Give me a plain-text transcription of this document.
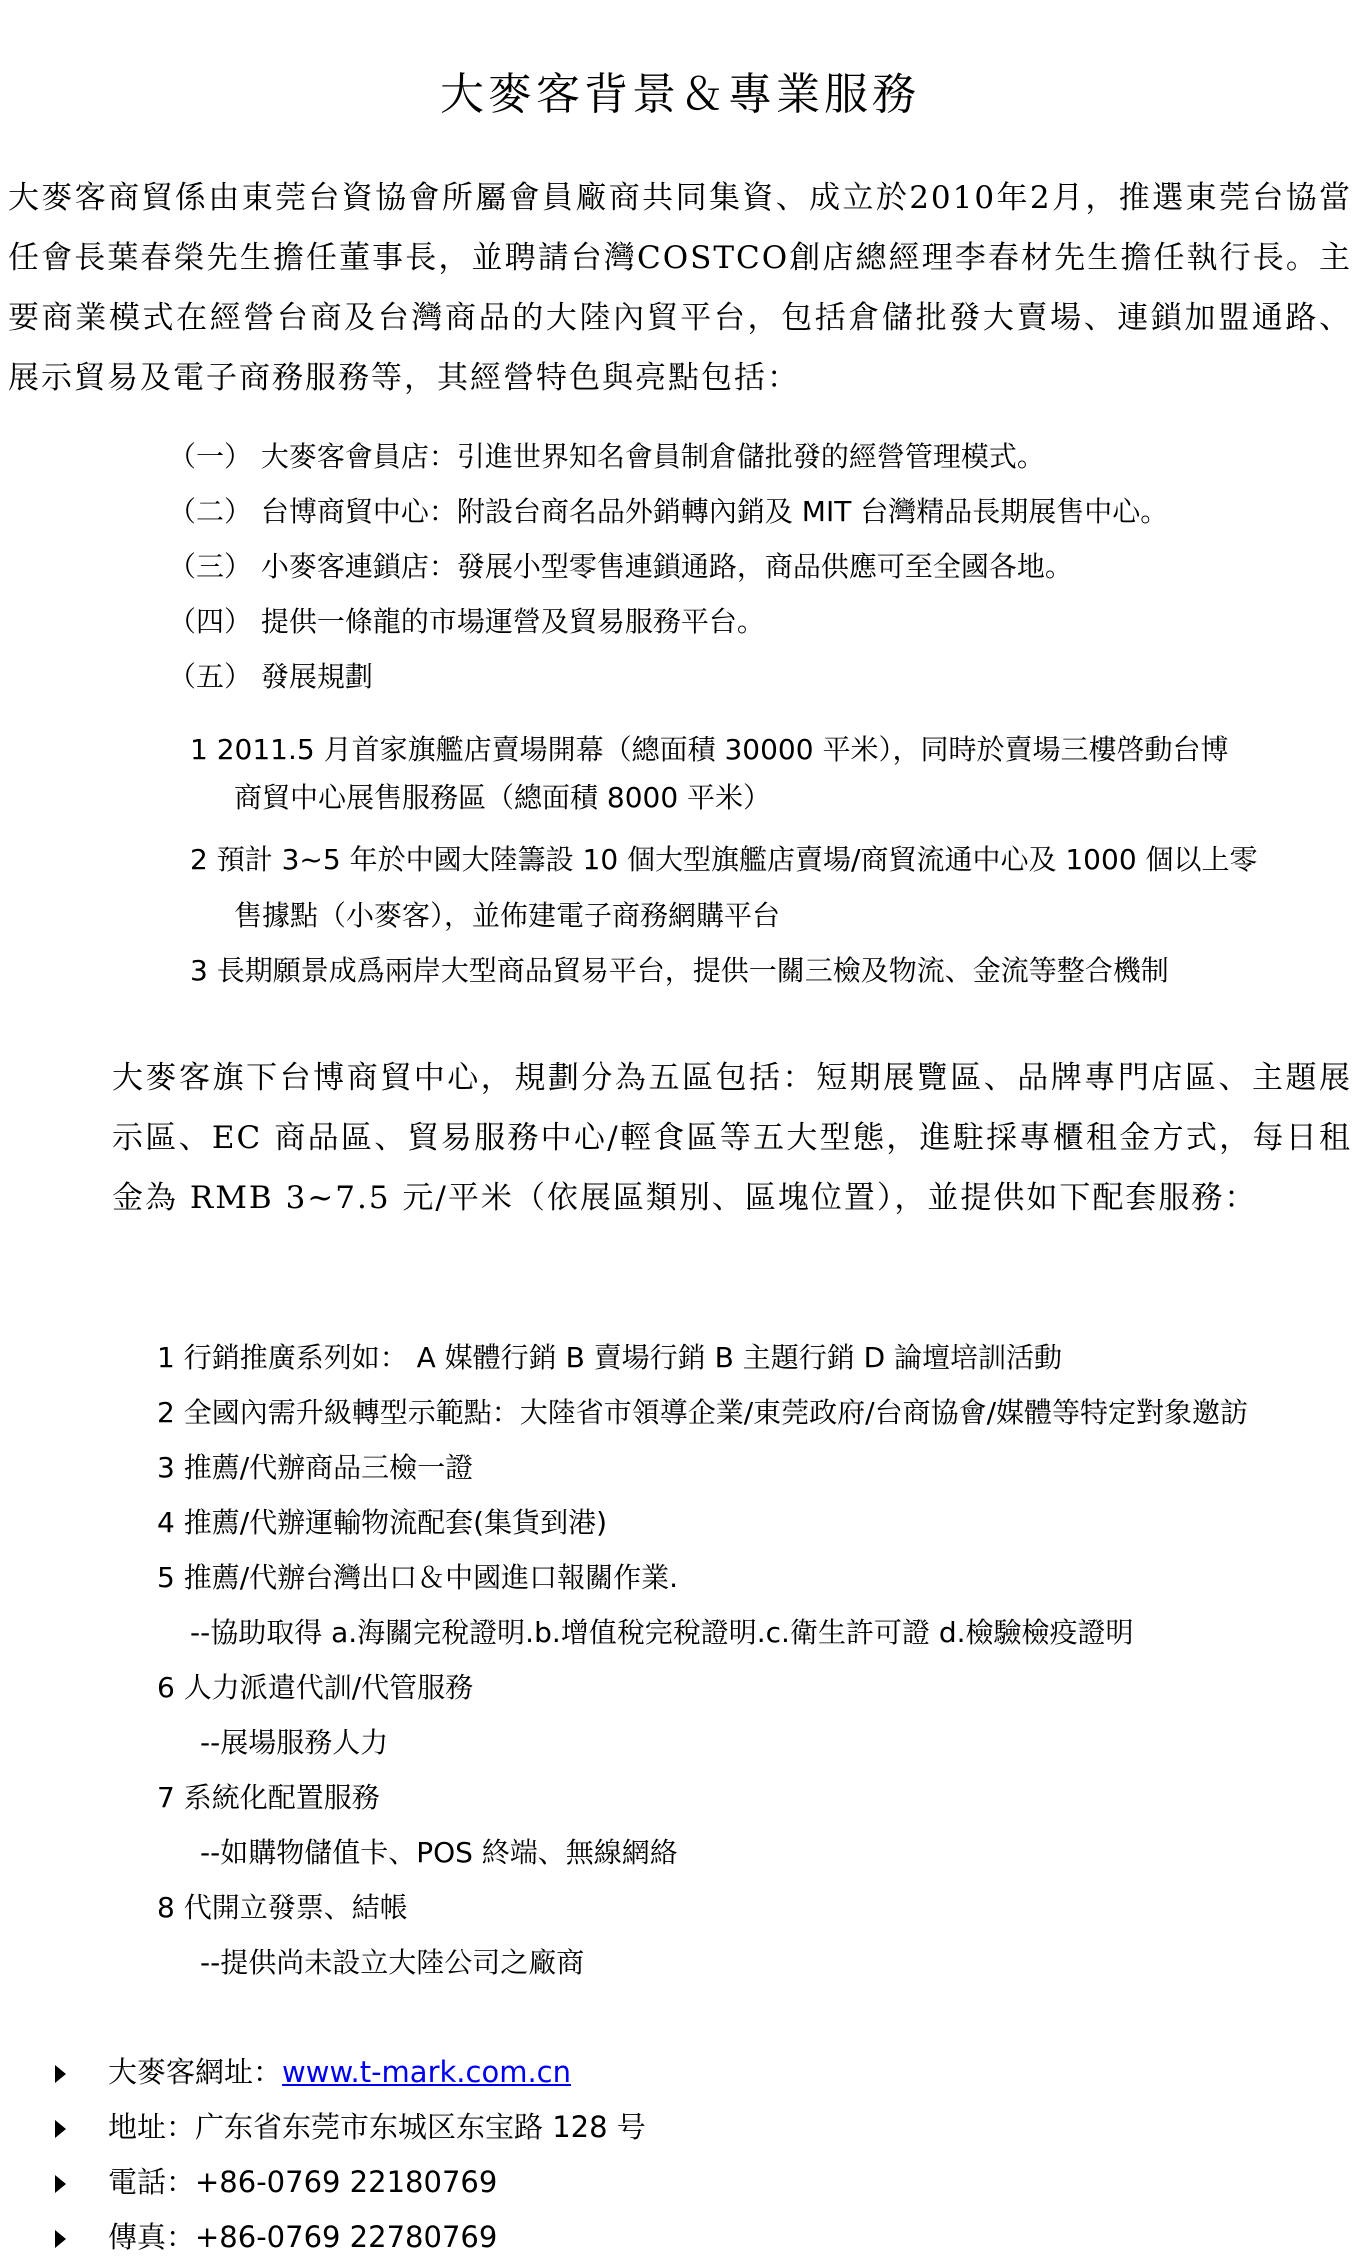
大麥客背景＆專業服務

大麥客商貿係由東莞台資協會所屬會員廠商共同集資、成立於2010年2月，推選東莞台協當任會長葉春榮先生擔任董事長，並聘請台灣COSTCO創店總經理李春材先生擔任執行長。主要商業模式在經營台商及台灣商品的大陸內貿平台，包括倉儲批發大賣場、連鎖加盟通路、展示貿易及電子商務服務等，其經營特色與亮點包括：

（一） 大麥客會員店：引進世界知名會員制倉儲批發的經營管理模式。
（二） 台博商貿中心：附設台商名品外銷轉內銷及 MIT 台灣精品長期展售中心。
（三） 小麥客連鎖店：發展小型零售連鎖通路，商品供應可至全國各地。
（四） 提供一條龍的市場運營及貿易服務平台。
（五） 發展規劃
1 2011.5 月首家旗艦店賣場開幕（總面積 30000 平米），同時於賣場三樓啓動台博
商貿中心展售服務區（總面積 8000 平米）
2 預計 3~5 年於中國大陸籌設 10 個大型旗艦店賣場/商貿流通中心及 1000 個以上零
售據點（小麥客），並佈建電子商務網購平台
3 長期願景成爲兩岸大型商品貿易平台，提供一關三檢及物流、金流等整合機制

大麥客旗下台博商貿中心，規劃分為五區包括：短期展覽區、品牌專門店區、主題展示區、EC 商品區、貿易服務中心/輕食區等五大型態，進駐採專櫃租金方式，每日租金為 RMB 3~7.5 元/平米（依展區類別、區塊位置），並提供如下配套服務：

1 行銷推廣系列如： A 媒體行銷 B 賣場行銷 B 主題行銷 D 論壇培訓活動
2 全國內需升級轉型示範點：大陸省市領導企業/東莞政府/台商協會/媒體等特定對象邀訪
3 推薦/代辦商品三檢一證
4 推薦/代辦運輸物流配套(集貨到港)
5 推薦/代辦台灣出口＆中國進口報關作業.
--協助取得 a.海關完稅證明.b.增值稅完稅證明.c.衛生許可證 d.檢驗檢疫證明
6 人力派遣代訓/代管服務
--展場服務人力
7 系統化配置服務
--如購物儲值卡、POS 終端、無線網絡
8 代開立發票、結帳
--提供尚未設立大陸公司之廠商
大麥客網址：www.t-mark.com.cn
地址：广东省东莞市东城区东宝路 128 号
電話：+86-0769 22180769
傳真：+86-0769 22780769
